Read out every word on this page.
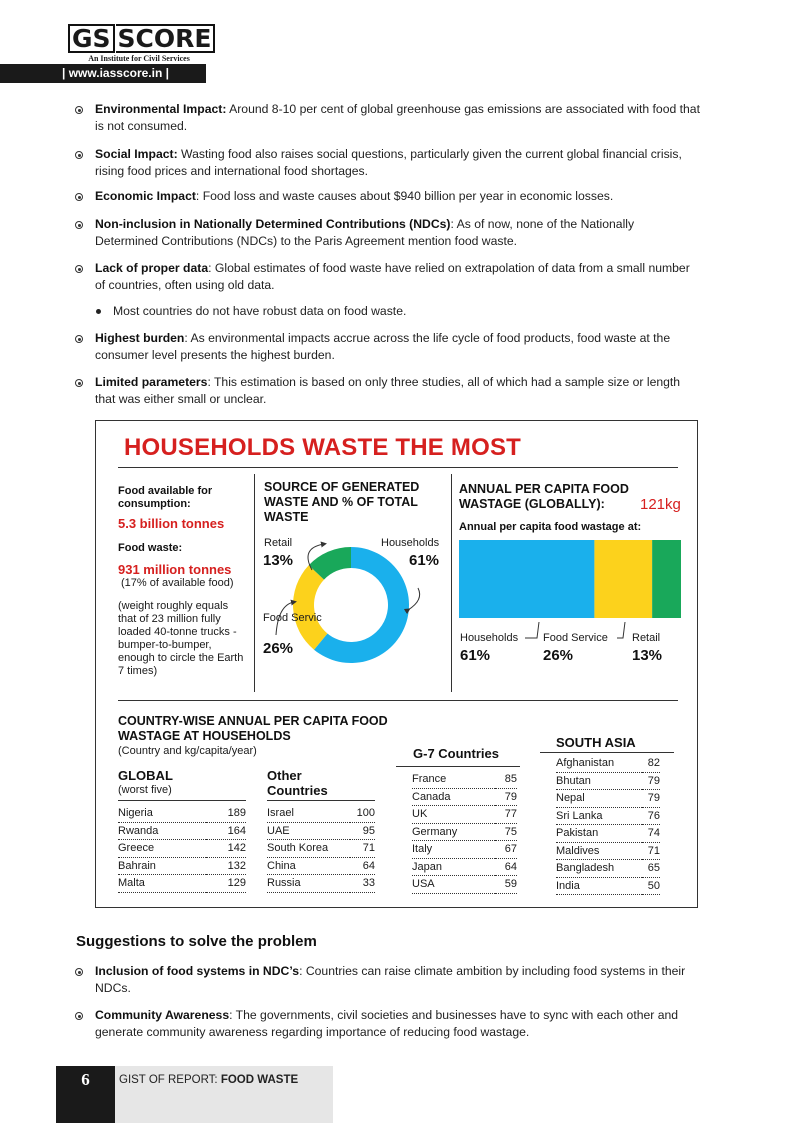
GS SCORE
An Institute for Civil Services
| www.iasscore.in |
Environmental Impact: Around 8-10 per cent of global greenhouse gas emissions are associated with food that is not consumed.
Social Impact: Wasting food also raises social questions, particularly given the current global financial crisis, rising food prices and international food shortages.
Economic Impact: Food loss and waste causes about $940 billion per year in economic losses.
Non-inclusion in Nationally Determined Contributions (NDCs): As of now, none of the Nationally Determined Contributions (NDCs) to the Paris Agreement mention food waste.
Lack of proper data: Global estimates of food waste have relied on extrapolation of data from a small number of countries, often using old data.
Most countries do not have robust data on food waste.
Highest burden: As environmental impacts accrue across the life cycle of food products, food waste at the consumer level presents the highest burden.
Limited parameters: This estimation is based on only three studies, all of which had a sample size or length that was either small or unclear.
HOUSEHOLDS WASTE THE MOST
Food available for consumption:
5.3 billion tonnes
Food waste:
931 million tonnes
(17% of available food)
(weight roughly equals that of 23 million fully loaded 40-tonne trucks - bumper-to-bumper, enough to circle the Earth 7 times)
SOURCE OF GENERATED WASTE AND % OF TOTAL WASTE
Retail
13%
Food Servic
26%
Households
61%
ANNUAL PER CAPITA FOOD WASTAGE (GLOBALLY):	121kg
Annual per capita food wastage at:
Households Food Service Retail
61%	26%	13%
COUNTRY-WISE ANNUAL PER CAPITA FOOD WASTAGE AT HOUSEHOLDS
(Country and kg/capita/year)
GLOBAL
(worst five)
Nigeria	189
Rwanda	164
Greece	142
Bahrain	132
Malta	129
Other Countries
Israel	100
UAE	95
South Korea	71
China	64
Russia	33
G-7 Countries
France	85
Canada	79
UK	77
Germany	75
Italy	67
Japan	64
USA	59
SOUTH ASIA
Afghanistan	82
Bhutan	79
Nepal	79
Sri Lanka	76
Pakistan	74
Maldives	71
Bangladesh	65
India	50
Suggestions to solve the problem
Inclusion of food systems in NDC’s: Countries can raise climate ambition by including food systems in their NDCs.
Community Awareness: The governments, civil societies and businesses have to sync with each other and generate community awareness regarding importance of reducing food wastage.
6	GIST OF REPORT: FOOD WASTE
